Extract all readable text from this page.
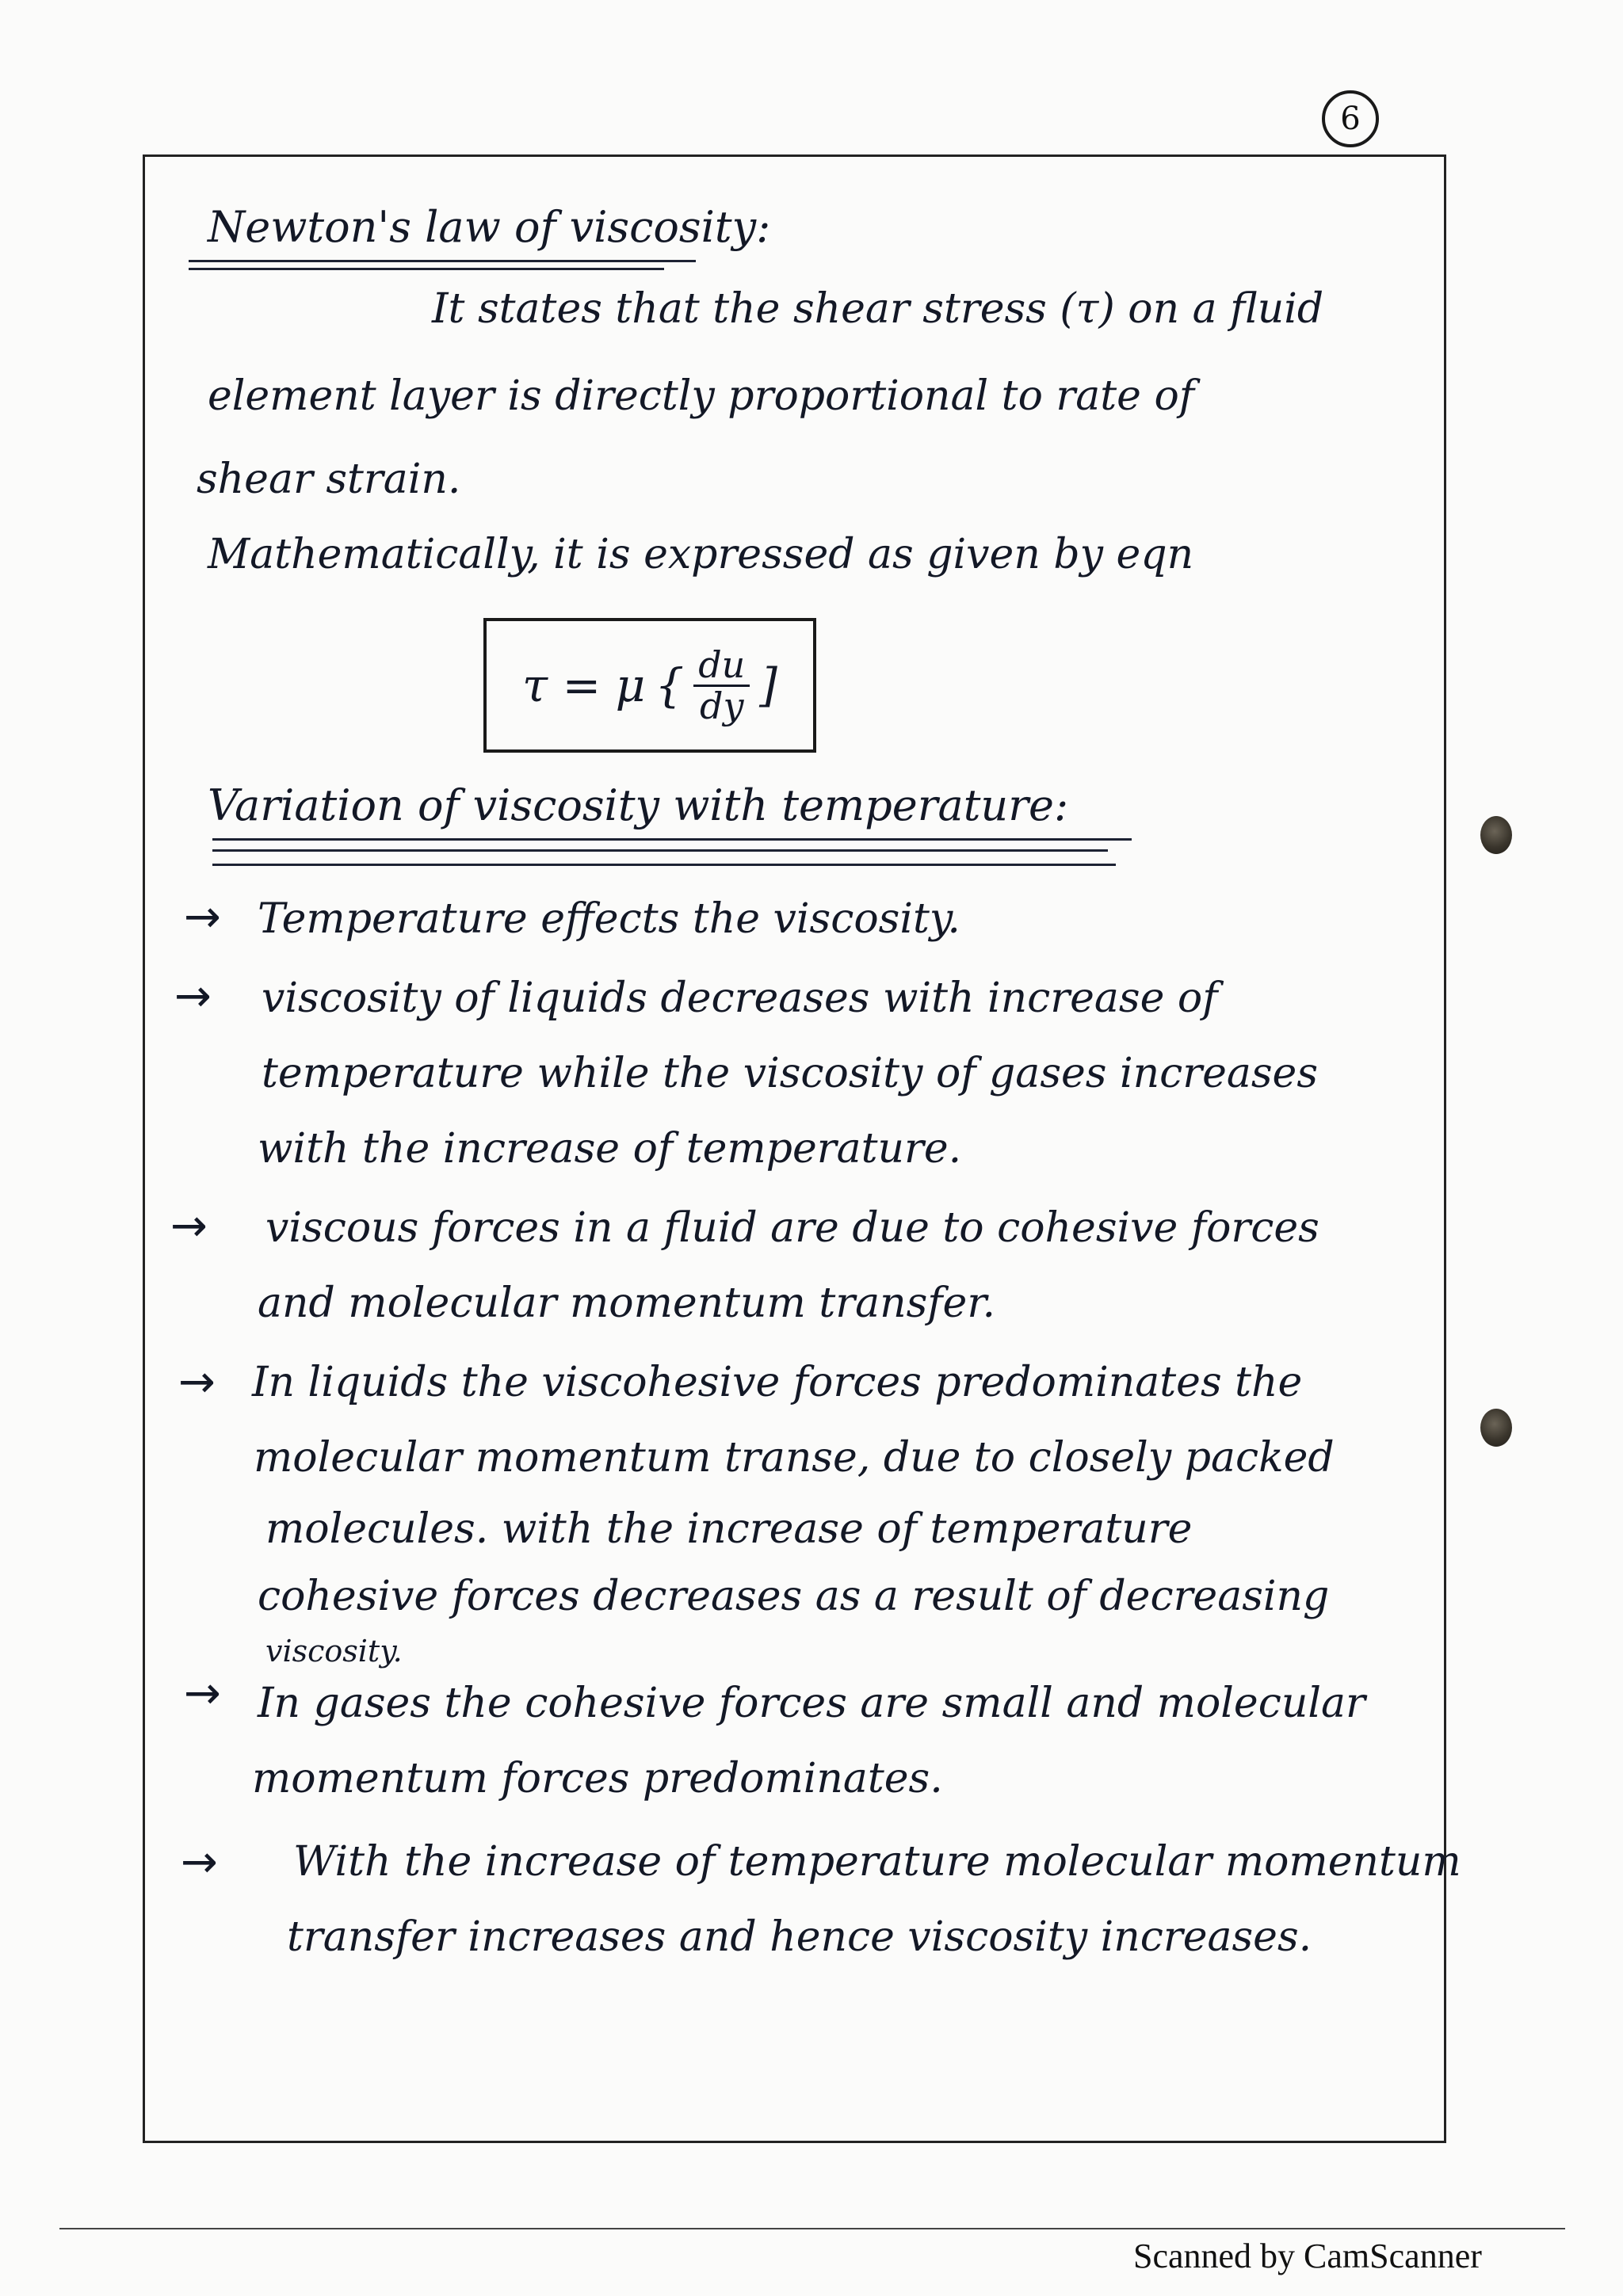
6
Newton's law of viscosity:
It states that the shear stress (τ) on a fluid
element layer is directly proportional to rate of
shear strain.
Mathematically, it is expressed as given by eqn
τ = μ { $\frac{du}{dy}$ ]
Variation of viscosity with temperature:
→ Temperature effects the viscosity.
→ viscosity of liquids decreases with increase of
temperature while the viscosity of gases increases
with the increase of temperature.
→ viscous forces in a fluid are due to cohesive forces
and molecular momentum transfer.
→ In liquids the viscohesive forces predominates the
molecular momentum transe, due to closely packed
molecules. with the increase of temperature
cohesive forces decreases as a result of decreasing
viscosity.
→ In gases the cohesive forces are small and molecular
momentum forces predominates.
→ With the increase of temperature molecular momentum
transfer increases and hence viscosity increases.
Scanned by CamScanner
